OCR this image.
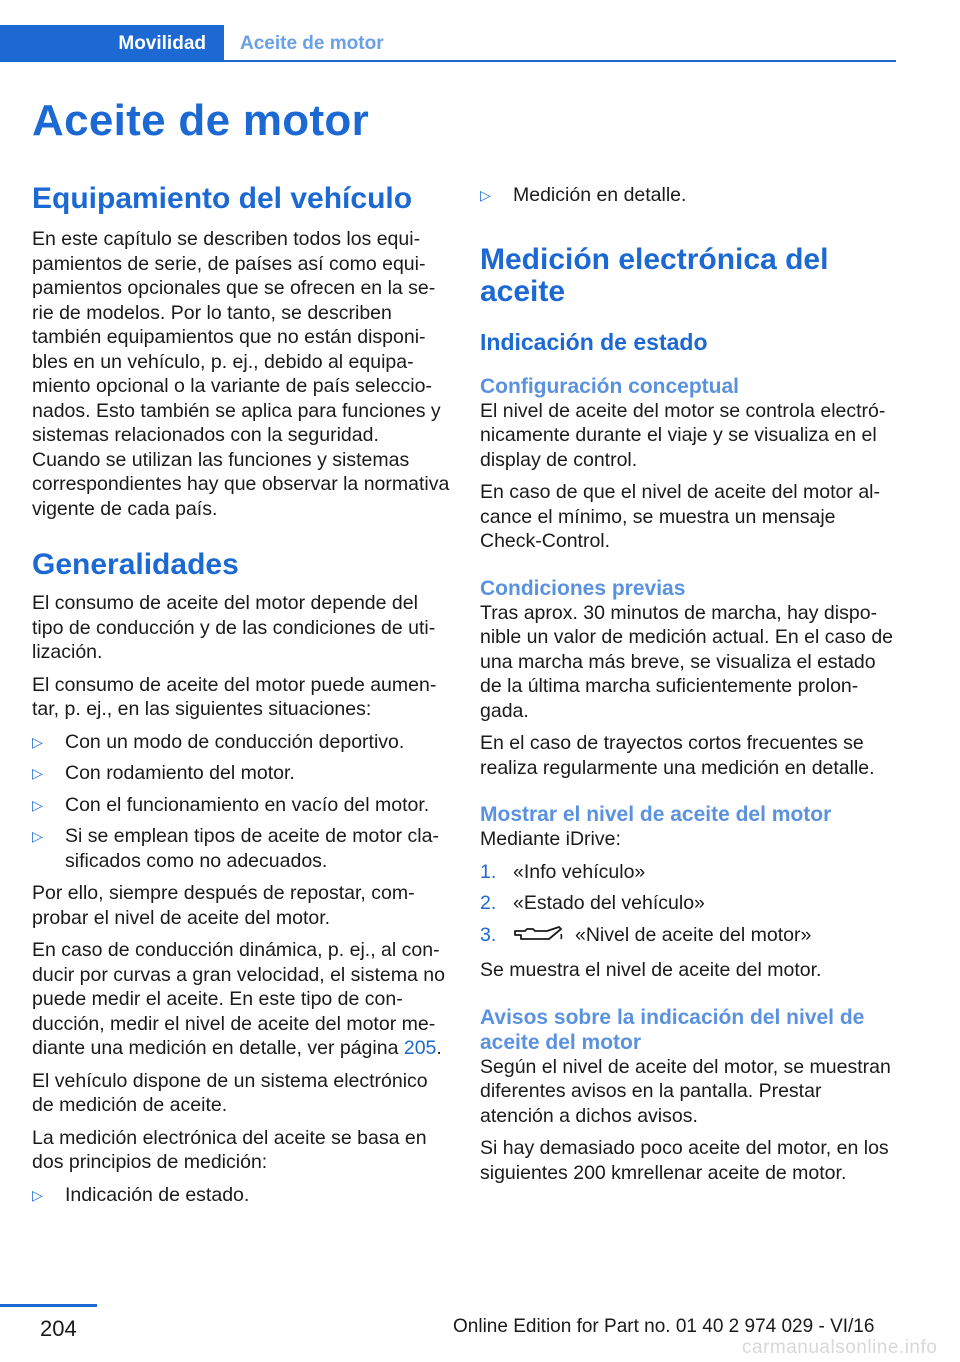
Movilidad Aceite de motor
Aceite de motor
Equipamiento del vehículo

En este capítulo se describen todos los equipamientos de serie, de países así como equipamientos opcionales que se ofrecen en la serie de modelos. Por lo tanto, se describen también equipamientos que no están disponibles en un vehículo, p. ej., debido al equipamiento opcional o la variante de país seleccionados. Esto también se aplica para funciones y sistemas relacionados con la seguridad.

Cuando se utilizan las funciones y sistemas correspondientes hay que observar la normativa vigente de cada país.

Generalidades

El consumo de aceite del motor depende del tipo de conducción y de las condiciones de utilización.

El consumo de aceite del motor puede aumentar, p. ej., en las siguientes situaciones:

▷ Con un modo de conducción deportivo.
▷ Con rodamiento del motor.
▷ Con el funcionamiento en vacío del motor.
▷ Si se emplean tipos de aceite de motor clasificados como no adecuados.

Por ello, siempre después de repostar, comprobar el nivel de aceite del motor.

En caso de conducción dinámica, p. ej., al conducir por curvas a gran velocidad, el sistema no puede medir el aceite. En este tipo de conducción, medir el nivel de aceite del motor mediante una medición en detalle, ver página 205.

El vehículo dispone de un sistema electrónico de medición de aceite.

La medición electrónica del aceite se basa en dos principios de medición:

▷ Indicación de estado.
▷ Medición en detalle.
Medición electrónica del aceite
Indicación de estado
Configuración conceptual

El nivel de aceite del motor se controla electrónicamente durante el viaje y se visualiza en el display de control.

En caso de que el nivel de aceite del motor alcance el mínimo, se muestra un mensaje Check-Control.

Condiciones previas

Tras aprox. 30 minutos de marcha, hay disponible un valor de medición actual. En el caso de una marcha más breve, se visualiza el estado de la última marcha suficientemente prolongada.

En el caso de trayectos cortos frecuentes se realiza regularmente una medición en detalle.

Mostrar el nivel de aceite del motor

Mediante iDrive:

1. «Info vehículo»
2. «Estado del vehículo»
3.	«Nivel de aceite del motor»

Se muestra el nivel de aceite del motor.

Avisos sobre la indicación del nivel de aceite del motor

Según el nivel de aceite del motor, se muestran diferentes avisos en la pantalla. Prestar atención a dichos avisos.

Si hay demasiado poco aceite del motor, en los siguientes 200 kmrellenar aceite de motor.

204	Online Edition for Part no. 01 40 2 974 029 - VI/16
carmanualsonline.info
